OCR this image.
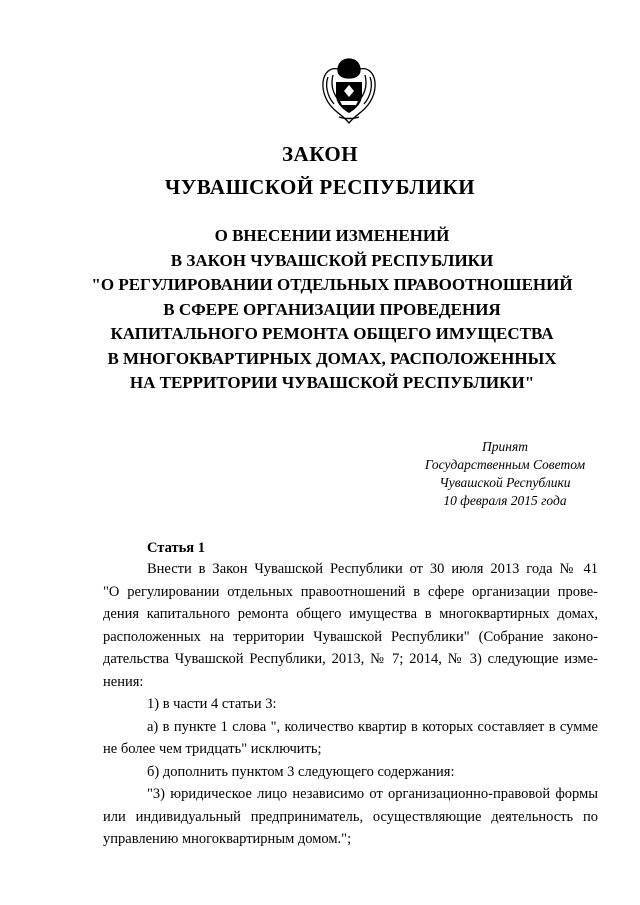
ЗАКОН
ЧУВАШСКОЙ РЕСПУБЛИКИ
О ВНЕСЕНИИ ИЗМЕНЕНИЙ
В ЗАКОН ЧУВАШСКОЙ РЕСПУБЛИКИ
"О РЕГУЛИРОВАНИИ ОТДЕЛЬНЫХ ПРАВООТНОШЕНИЙ
В СФЕРЕ ОРГАНИЗАЦИИ ПРОВЕДЕНИЯ
КАПИТАЛЬНОГО РЕМОНТА ОБЩЕГО ИМУЩЕСТВА
В МНОГОКВАРТИРНЫХ ДОМАХ, РАСПОЛОЖЕННЫХ
НА ТЕРРИТОРИИ ЧУВАШСКОЙ РЕСПУБЛИКИ"
Принят
Государственным Советом
Чувашской Республики
10 февраля 2015 года
Статья 1
Внести в Закон Чувашской Республики от 30 июля 2013 года № 41
"О регулировании отдельных правоотношений в сфере организации прове-
дения капитального ремонта общего имущества в многоквартирных домах,
расположенных на территории Чувашской Республики" (Собрание законо-
дательства Чувашской Республики, 2013, № 7; 2014, № 3) следующие изме-
нения:
1) в части 4 статьи 3:
а) в пункте 1 слова ", количество квартир в которых составляет в сумме
не более чем тридцать" исключить;
б) дополнить пунктом 3 следующего содержания:
"3) юридическое лицо независимо от организационно-правовой формы
или индивидуальный предприниматель, осуществляющие деятельность по
управлению многоквартирным домом.";
